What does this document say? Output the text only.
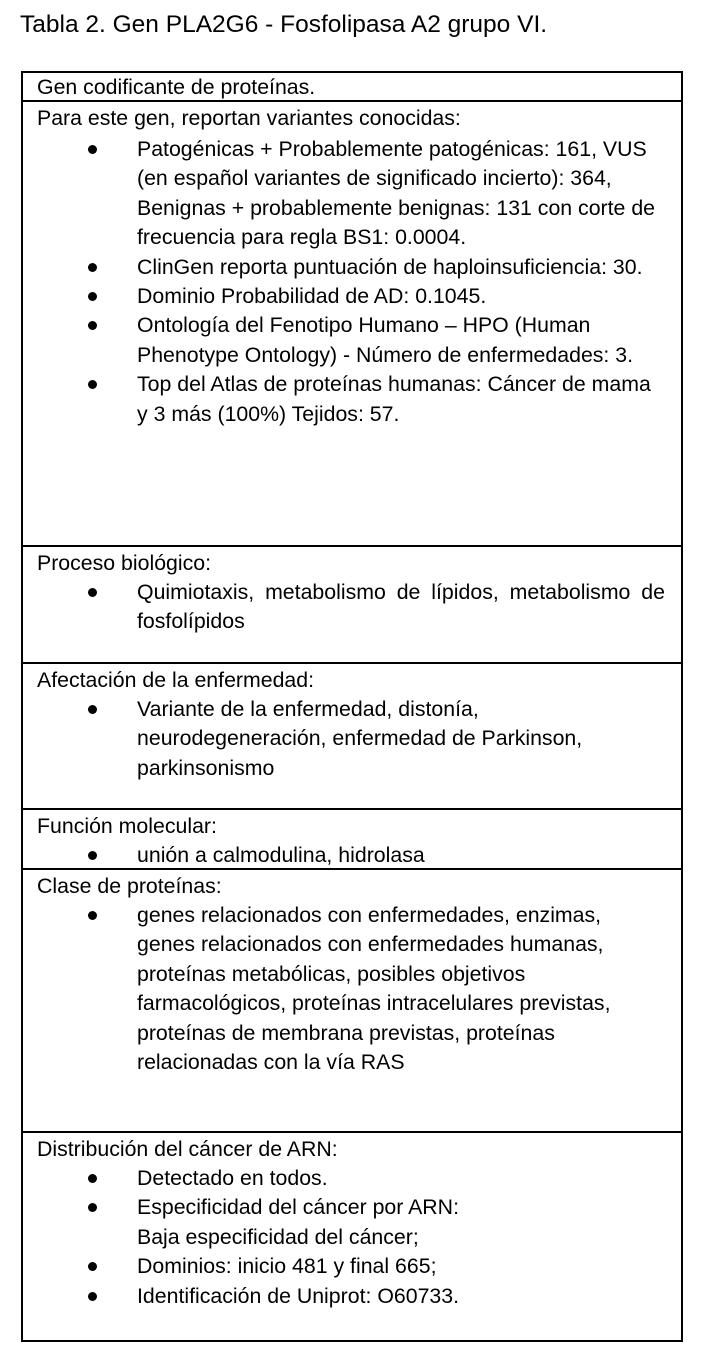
Tabla 2. Gen PLA2G6 - Fosfolipasa A2 grupo VI.
Gen codificante de proteínas.
Para este gen, reportan variantes conocidas:
Patogénicas + Probablemente patogénicas: 161, VUS (en español variantes de significado incierto): 364, Benignas + probablemente benignas: 131 con corte de frecuencia para regla BS1: 0.0004.
ClinGen reporta puntuación de haploinsuficiencia: 30.
Dominio Probabilidad de AD: 0.1045.
Ontología del Fenotipo Humano – HPO (Human Phenotype Ontology) - Número de enfermedades: 3.
Top del Atlas de proteínas humanas: Cáncer de mama y 3 más (100%) Tejidos: 57.
Proceso biológico:
Quimiotaxis, metabolismo de lípidos, metabolismo de fosfolípidos
Afectación de la enfermedad:
Variante de la enfermedad, distonía, neurodegeneración, enfermedad de Parkinson, parkinsonismo
Función molecular:
unión a calmodulina, hidrolasa
Clase de proteínas:
genes relacionados con enfermedades, enzimas, genes relacionados con enfermedades humanas, proteínas metabólicas, posibles objetivos farmacológicos, proteínas intracelulares previstas, proteínas de membrana previstas, proteínas relacionadas con la vía RAS
Distribución del cáncer de ARN:
Detectado en todos.
Especificidad del cáncer por ARN:
Baja especificidad del cáncer;
Dominios: inicio 481 y final 665;
Identificación de Uniprot: O60733.
